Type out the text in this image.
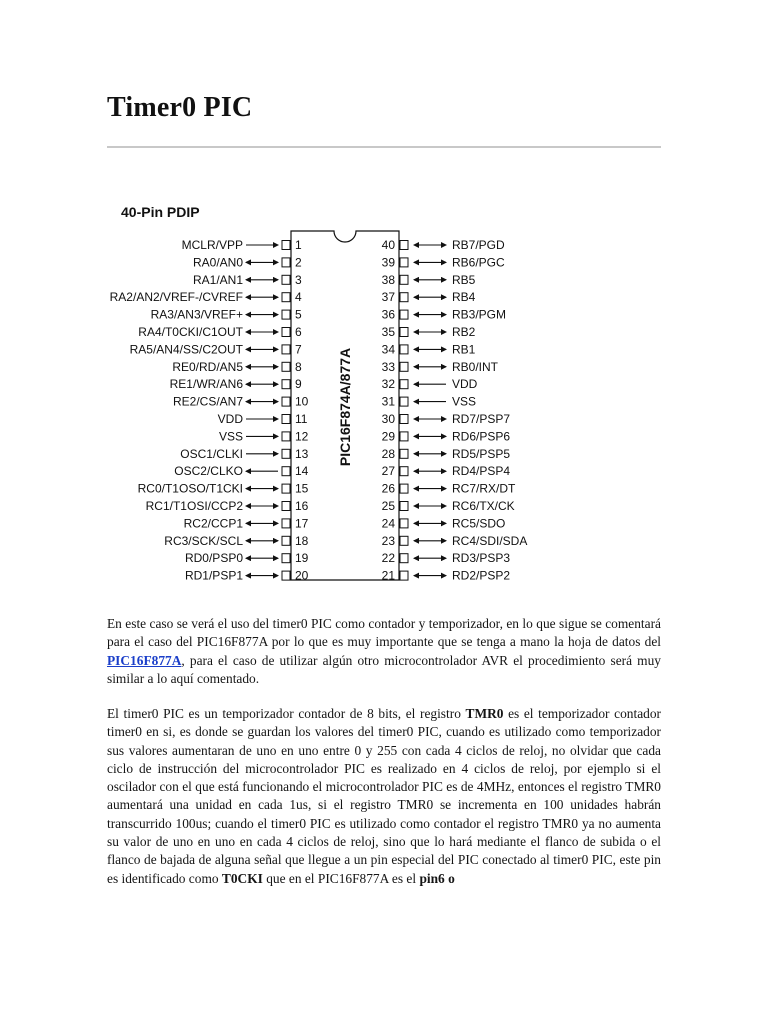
Timer0 PIC
40-Pin PDIP
PIC16F874A/877A
MCLR/VPP	1
RA0/AN0	2
RA1/AN1	3
RA2/AN2/VREF-/CVREF	4
RA3/AN3/VREF+	5
RA4/T0CKI/C1OUT	6
RA5/AN4/SS/C2OUT	7
RE0/RD/AN5	8
RE1/WR/AN6	9
RE2/CS/AN7	10
VDD	11
VSS	12
OSC1/CLKI	13
OSC2/CLKO	14
RC0/T1OSO/T1CKI	15
RC1/T1OSI/CCP2	16
RC2/CCP1	17
RC3/SCK/SCL	18
RD0/PSP0	19
RD1/PSP1	20
40	RB7/PGD
39	RB6/PGC
38	RB5
37	RB4
36	RB3/PGM
35	RB2
34	RB1
33	RB0/INT
32	VDD
31	VSS
30	RD7/PSP7
29	RD6/PSP6
28	RD5/PSP5
27	RD4/PSP4
26	RC7/RX/DT
25	RC6/TX/CK
24	RC5/SDO
23	RC4/SDI/SDA
22	RD3/PSP3
21	RD2/PSP2

En este caso se verá el uso del timer0 PIC como contador y temporizador, en lo que sigue se comentará para el caso del PIC16F877A por lo que es muy importante que se tenga a mano la hoja de datos del PIC16F877A, para el caso de utilizar algún otro microcontrolador AVR el procedimiento será muy similar a lo aquí comentado.

El timer0 PIC es un temporizador contador de 8 bits, el registro TMR0 es el temporizador contador timer0 en si, es donde se guardan los valores del timer0 PIC, cuando es utilizado como temporizador sus valores aumentaran de uno en uno entre 0 y 255 con cada 4 ciclos de reloj, no olvidar que cada ciclo de instrucción del microcontrolador PIC es realizado en 4 ciclos de reloj, por ejemplo si el oscilador con el que está funcionando el microcontrolador PIC es de 4MHz, entonces el registro TMR0 aumentará una unidad en cada 1us, si el registro TMR0 se incrementa en 100 unidades habrán transcurrido 100us; cuando el timer0 PIC es utilizado como contador el registro TMR0 ya no aumenta su valor de uno en uno en cada 4 ciclos de reloj, sino que lo hará mediante el flanco de subida o el flanco de bajada de alguna señal que llegue a un pin especial del PIC conectado al timer0 PIC, este pin es identificado como T0CKI que en el PIC16F877A es el pin6 o
